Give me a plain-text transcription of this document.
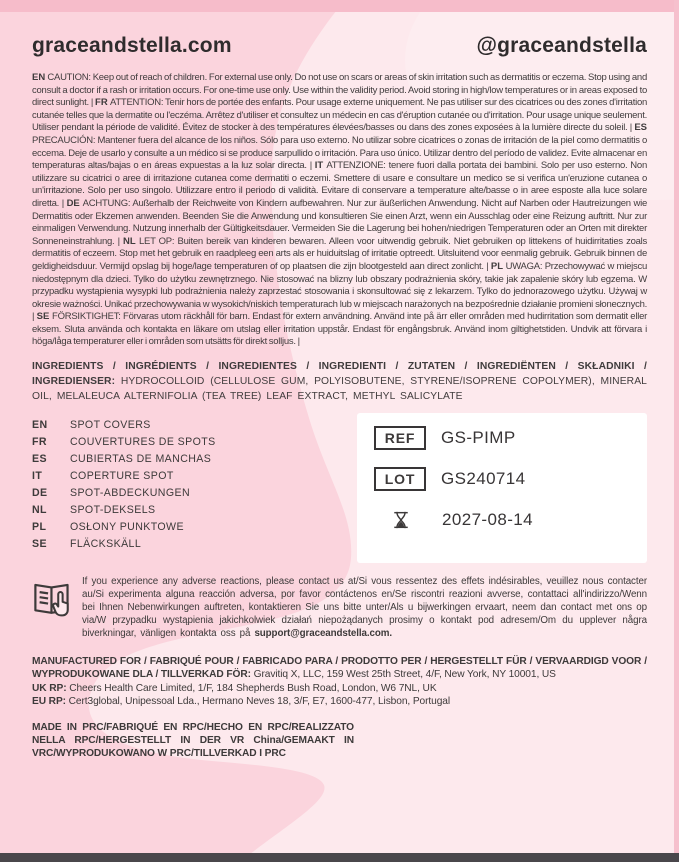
graceandstella.com	@graceandstella

EN CAUTION: Keep out of reach of children. For external use only. Do not use on scars or areas of skin irritation such as dermatitis or eczema. Stop using and consult a doctor if a rash or irritation occurs. For one-time use only. Use within the validity period. Avoid storing in high/low temperatures or in areas exposed to direct sunlight. | FR ATTENTION: Tenir hors de portée des enfants. Pour usage externe uniquement. Ne pas utiliser sur des cicatrices ou des zones d'irritation cutanée telles que la dermatite ou l'eczéma. Arrêtez d'utiliser et consultez un médecin en cas d'éruption cutanée ou d'irritation. Pour usage unique seulement. Utiliser pendant la période de validité. Évitez de stocker à des températures élevées/basses ou dans des zones exposées à la lumière directe du soleil. | ES PRECAUCIÓN: Mantener fuera del alcance de los niños. Sólo para uso externo. No utilizar sobre cicatrices o zonas de irritación de la piel como dermatitis o eccema. Deje de usarlo y consulte a un médico si se produce sarpullido o irritación. Para uso único. Utilizar dentro del período de validez. Evite almacenar en temperaturas altas/bajas o en áreas expuestas a la luz solar directa. | IT ATTENZIONE: tenere fuori dalla portata dei bambini. Solo per uso esterno. Non utilizzare su cicatrici o aree di irritazione cutanea come dermatiti o eczemi. Smettere di usare e consultare un medico se si verifica un'eruzione cutanea o un'irritazione. Solo per uso singolo. Utilizzare entro il periodo di validità. Evitare di conservare a temperature alte/basse o in aree esposte alla luce solare diretta. | DE ACHTUNG: Außerhalb der Reichweite von Kindern aufbewahren. Nur zur äußerlichen Anwendung. Nicht auf Narben oder Hautreizungen wie Dermatitis oder Ekzemen anwenden. Beenden Sie die Anwendung und konsultieren Sie einen Arzt, wenn ein Ausschlag oder eine Reizung auftritt. Nur zur einmaligen Verwendung. Nutzung innerhalb der Gültigkeitsdauer. Vermeiden Sie die Lagerung bei hohen/niedrigen Temperaturen oder an Orten mit direkter Sonneneinstrahlung. | NL LET OP: Buiten bereik van kinderen bewaren. Alleen voor uitwendig gebruik. Niet gebruiken op littekens of huidirritaties zoals dermatitis of eczeem. Stop met het gebruik en raadpleeg een arts als er huiduitslag of irritatie optreedt. Uitsluitend voor eenmalig gebruik. Gebruik binnen de geldigheidsduur. Vermijd opslag bij hoge/lage temperaturen of op plaatsen die zijn blootgesteld aan direct zonlicht. | PL UWAGA: Przechowywać w miejscu niedostępnym dla dzieci. Tylko do użytku zewnętrznego. Nie stosować na blizny lub obszary podrażnienia skóry, takie jak zapalenie skóry lub egzema. W przypadku wystąpienia wysypki lub podrażnienia należy zaprzestać stosowania i skonsultować się z lekarzem. Tylko do jednorazowego użytku. Używaj w okresie ważności. Unikać przechowywania w wysokich/niskich temperaturach lub w miejscach narażonych na bezpośrednie działanie promieni słonecznych. | SE FÖRSIKTIGHET: Förvaras utom räckhåll för barn. Endast för extern användning. Använd inte på ärr eller områden med hudirritation som dermatit eller eksem. Sluta använda och kontakta en läkare om utslag eller irritation uppstår. Endast för engångsbruk. Använd inom giltighetstiden. Undvik att förvara i höga/låga temperaturer eller i områden som utsätts för direkt solljus. |

INGREDIENTS / INGRÉDIENTS / INGREDIENTES / INGREDIENTI / ZUTATEN / INGREDIËNTEN / SKŁADNIKI / INGREDIENSER: HYDROCOLLOID (CELLULOSE GUM, POLYISOBUTENE, STYRENE/ISOPRENE COPOLYMER), MINERAL OIL, MELALEUCA ALTERNIFOLIA (TEA TREE) LEAF EXTRACT, METHYL SALICYLATE

EN	SPOT COVERS
FR	COUVERTURES DE SPOTS
ES	CUBIERTAS DE MANCHAS
IT	COPERTURE SPOT
DE	SPOT-ABDECKUNGEN
NL	SPOT-DEKSELS
PL	OSŁONY PUNKTOWE
SE	FLÄCKSKÄLL
REF	GS-PIMP
LOT	GS240714
2027-08-14

If you experience any adverse reactions, please contact us at/Si vous ressentez des effets indésirables, veuillez nous contacter au/Si experimenta alguna reacción adversa, por favor contáctenos en/Se riscontri reazioni avverse, contattaci all'indirizzo/Wenn bei Ihnen Nebenwirkungen auftreten, kontaktieren Sie uns bitte unter/Als u bijwerkingen ervaart, neem dan contact met ons op via/W przypadku wystąpienia jakichkolwiek działań niepożądanych prosimy o kontakt pod adresem/Om du upplever några biverkningar, vänligen kontakta oss på support@graceandstella.com.

MANUFACTURED FOR / FABRIQUÉ POUR / FABRICADO PARA / PRODOTTO PER / HERGESTELLT FÜR / VERVAARDIGD VOOR / WYPRODUKOWANE DLA / TILLVERKAD FÖR: Gravitiq X, LLC, 159 West 25th Street, 4/F, New York, NY 10001, US

UK RP: Cheers Health Care Limited, 1/F, 184 Shepherds Bush Road, London, W6 7NL, UK

EU RP: Cert3global, Unipessoal Lda., Hermano Neves 18, 3/F, E7, 1600-477, Lisbon, Portugal

MADE IN PRC/FABRIQUÉ EN RPC/HECHO EN RPC/REALIZZATO NELLA RPC/HERGESTELLT IN DER VR China/GEMAAKT IN VRC/WYPRODUKOWANO W PRC/TILLVERKAD I PRC
